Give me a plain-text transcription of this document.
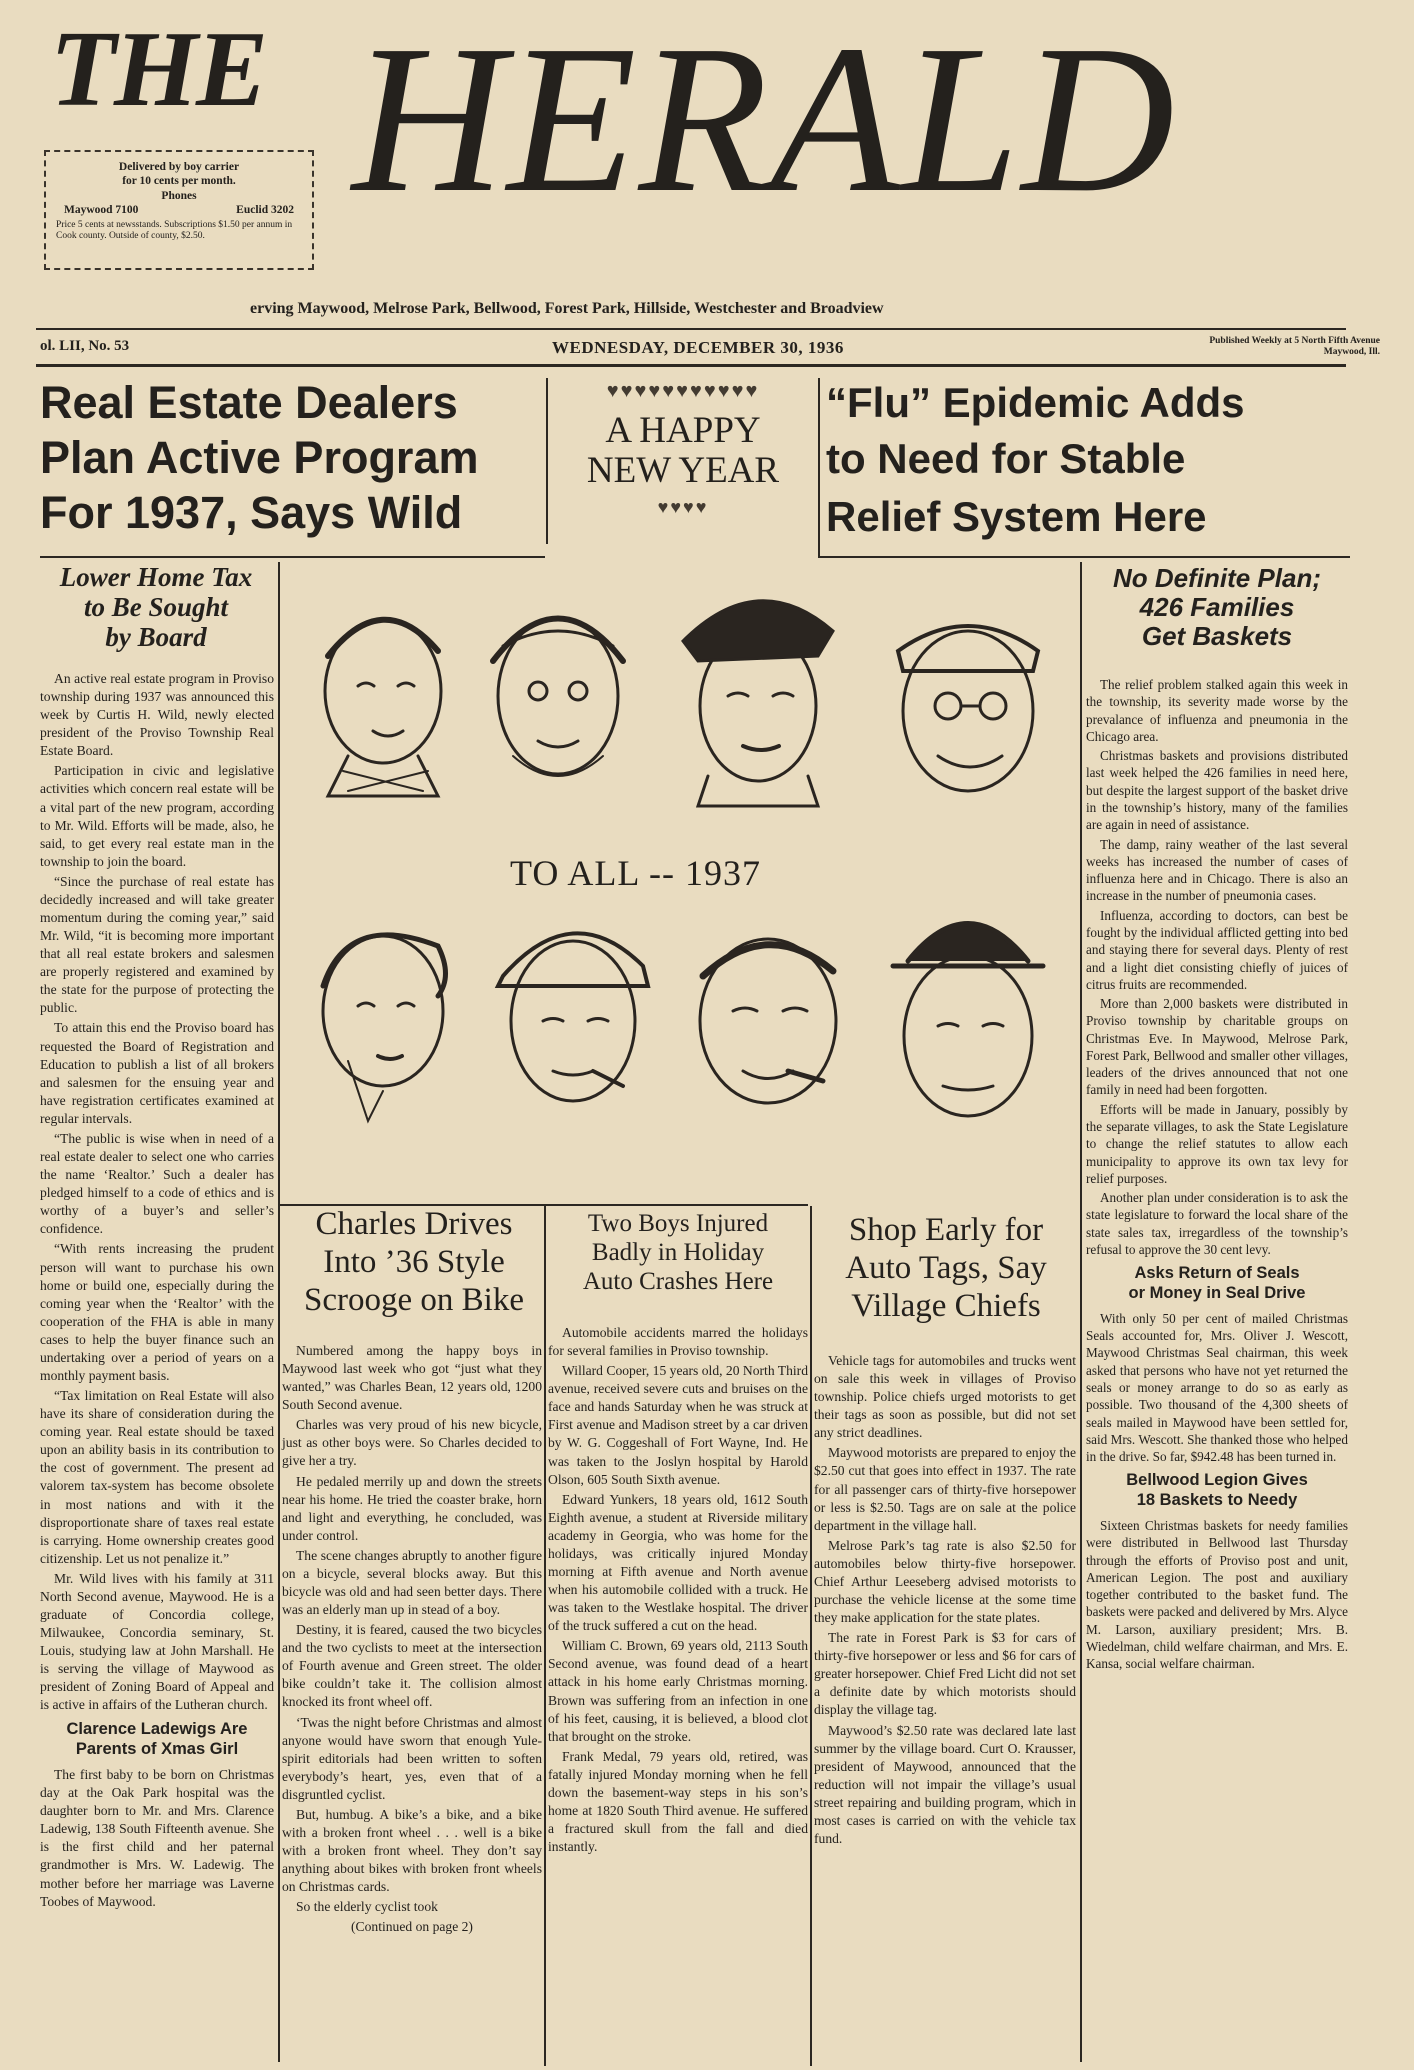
THE HERALD
Delivered by boy carrier
for 10 cents per month.
Phones
Maywood 7100	Euclid 3202
Price 5 cents at newsstands. Subscriptions $1.50 per annum in Cook county. Outside of county, $2.50.
erving Maywood, Melrose Park, Bellwood, Forest Park, Hillside, Westchester and Broadview
ol. LII, No. 53	WEDNESDAY, DECEMBER 30, 1936	Published Weekly at 5 North Fifth Avenue
Maywood, Ill.
Real Estate Dealers
Plan Active Program
For 1937, Says Wild
♥♥♥♥♥♥♥♥♥♥♥
A HAPPY
NEW YEAR
♥♥♥♥
“Flu” Epidemic Adds
to Need for Stable
Relief System Here
Lower Home Tax
to Be Sought
by Board

An active real estate program in Proviso township during 1937 was announced this week by Curtis H. Wild, newly elected president of the Proviso Township Real Estate Board.

Participation in civic and legislative activities which concern real estate will be a vital part of the new program, according to Mr. Wild. Efforts will be made, also, he said, to get every real estate man in the township to join the board.

“Since the purchase of real estate has decidedly increased and will take greater momentum during the coming year,” said Mr. Wild, “it is becoming more important that all real estate brokers and salesmen are properly registered and examined by the state for the purpose of protecting the public.

To attain this end the Proviso board has requested the Board of Registration and Education to publish a list of all brokers and salesmen for the ensuing year and have registration certificates examined at regular intervals.

“The public is wise when in need of a real estate dealer to select one who carries the name ‘Realtor.’ Such a dealer has pledged himself to a code of ethics and is worthy of a buyer’s and seller’s confidence.

“With rents increasing the prudent person will want to purchase his own home or build one, especially during the coming year when the ‘Realtor’ with the cooperation of the FHA is able in many cases to help the buyer finance such an undertaking over a period of years on a monthly payment basis.

“Tax limitation on Real Estate will also have its share of consideration during the coming year. Real estate should be taxed upon an ability basis in its contribution to the cost of government. The present ad valorem tax-system has become obsolete in most nations and with it the disproportionate share of taxes real estate is carrying. Home ownership creates good citizenship. Let us not penalize it.”

Mr. Wild lives with his family at 311 North Second avenue, Maywood. He is a graduate of Concordia college, Milwaukee, Concordia seminary, St. Louis, studying law at John Marshall. He is serving the village of Maywood as president of Zoning Board of Appeal and is active in affairs of the Lutheran church.

Clarence Ladewigs Are
Parents of Xmas Girl

The first baby to be born on Christmas day at the Oak Park hospital was the daughter born to Mr. and Mrs. Clarence Ladewig, 138 South Fifteenth avenue. She is the first child and her paternal grandmother is Mrs. W. Ladewig. The mother before her marriage was Laverne Toobes of Maywood.

TO ALL -- 1937
Charles Drives
Into ’36 Style
Scrooge on Bike
Two Boys Injured
Badly in Holiday
Auto Crashes Here
Shop Early for
Auto Tags, Say
Village Chiefs

Numbered among the happy boys in Maywood last week who got “just what they wanted,” was Charles Bean, 12 years old, 1200 South Second avenue.

Charles was very proud of his new bicycle, just as other boys were. So Charles decided to give her a try.

He pedaled merrily up and down the streets near his home. He tried the coaster brake, horn and light and everything, he concluded, was under control.

The scene changes abruptly to another figure on a bicycle, several blocks away. But this bicycle was old and had seen better days. There was an elderly man up in stead of a boy.

Destiny, it is feared, caused the two bicycles and the two cyclists to meet at the intersection of Fourth avenue and Green street. The older bike couldn’t take it. The collision almost knocked its front wheel off.

‘Twas the night before Christmas and almost anyone would have sworn that enough Yule-spirit editorials had been written to soften everybody’s heart, yes, even that of a disgruntled cyclist.

But, humbug. A bike’s a bike, and a bike with a broken front wheel . . . well is a bike with a broken front wheel. They don’t say anything about bikes with broken front wheels on Christmas cards.

So the elderly cyclist took

(Continued on page 2)

Automobile accidents marred the holidays for several families in Proviso township.

Willard Cooper, 15 years old, 20 North Third avenue, received severe cuts and bruises on the face and hands Saturday when he was struck at First avenue and Madison street by a car driven by W. G. Coggeshall of Fort Wayne, Ind. He was taken to the Joslyn hospital by Harold Olson, 605 South Sixth avenue.

Edward Yunkers, 18 years old, 1612 South Eighth avenue, a student at Riverside military academy in Georgia, who was home for the holidays, was critically injured Monday morning at Fifth avenue and North avenue when his automobile collided with a truck. He was taken to the Westlake hospital. The driver of the truck suffered a cut on the head.

William C. Brown, 69 years old, 2113 South Second avenue, was found dead of a heart attack in his home early Christmas morning. Brown was suffering from an infection in one of his feet, causing, it is believed, a blood clot that brought on the stroke.

Frank Medal, 79 years old, retired, was fatally injured Monday morning when he fell down the basement-way steps in his son’s home at 1820 South Third avenue. He suffered a fractured skull from the fall and died instantly.

Vehicle tags for automobiles and trucks went on sale this week in villages of Proviso township. Police chiefs urged motorists to get their tags as soon as possible, but did not set any strict deadlines.

Maywood motorists are prepared to enjoy the $2.50 cut that goes into effect in 1937. The rate for all passenger cars of thirty-five horsepower or less is $2.50. Tags are on sale at the police department in the village hall.

Melrose Park’s tag rate is also $2.50 for automobiles below thirty-five horsepower. Chief Arthur Leeseberg advised motorists to purchase the vehicle license at the some time they make application for the state plates.

The rate in Forest Park is $3 for cars of thirty-five horsepower or less and $6 for cars of greater horsepower. Chief Fred Licht did not set a definite date by which motorists should display the village tag.

Maywood’s $2.50 rate was declared late last summer by the village board. Curt O. Krausser, president of Maywood, announced that the reduction will not impair the village’s usual street repairing and building program, which in most cases is carried on with the vehicle tax fund.

No Definite Plan;
426 Families
Get Baskets

The relief problem stalked again this week in the township, its severity made worse by the prevalance of influenza and pneumonia in the Chicago area.

Christmas baskets and provisions distributed last week helped the 426 families in need here, but despite the largest support of the basket drive in the township’s history, many of the families are again in need of assistance.

The damp, rainy weather of the last several weeks has increased the number of cases of influenza here and in Chicago. There is also an increase in the number of pneumonia cases.

Influenza, according to doctors, can best be fought by the individual afflicted getting into bed and staying there for several days. Plenty of rest and a light diet consisting chiefly of juices of citrus fruits are recommended.

More than 2,000 baskets were distributed in Proviso township by charitable groups on Christmas Eve. In Maywood, Melrose Park, Forest Park, Bellwood and smaller other villages, leaders of the drives announced that not one family in need had been forgotten.

Efforts will be made in January, possibly by the separate villages, to ask the State Legislature to change the relief statutes to allow each municipality to approve its own tax levy for relief purposes.

Another plan under consideration is to ask the state legislature to forward the local share of the state sales tax, irregardless of the township’s refusal to approve the 30 cent levy.

Asks Return of Seals
or Money in Seal Drive

With only 50 per cent of mailed Christmas Seals accounted for, Mrs. Oliver J. Wescott, Maywood Christmas Seal chairman, this week asked that persons who have not yet returned the seals or money arrange to do so as early as possible. Two thousand of the 4,300 sheets of seals mailed in Maywood have been settled for, said Mrs. Wescott. She thanked those who helped in the drive. So far, $942.48 has been turned in.

Bellwood Legion Gives
18 Baskets to Needy

Sixteen Christmas baskets for needy families were distributed in Bellwood last Thursday through the efforts of Proviso post and unit, American Legion. The post and auxiliary together contributed to the basket fund. The baskets were packed and delivered by Mrs. Alyce M. Larson, auxiliary president; Mrs. B. Wiedelman, child welfare chairman, and Mrs. E. Kansa, social welfare chairman.
